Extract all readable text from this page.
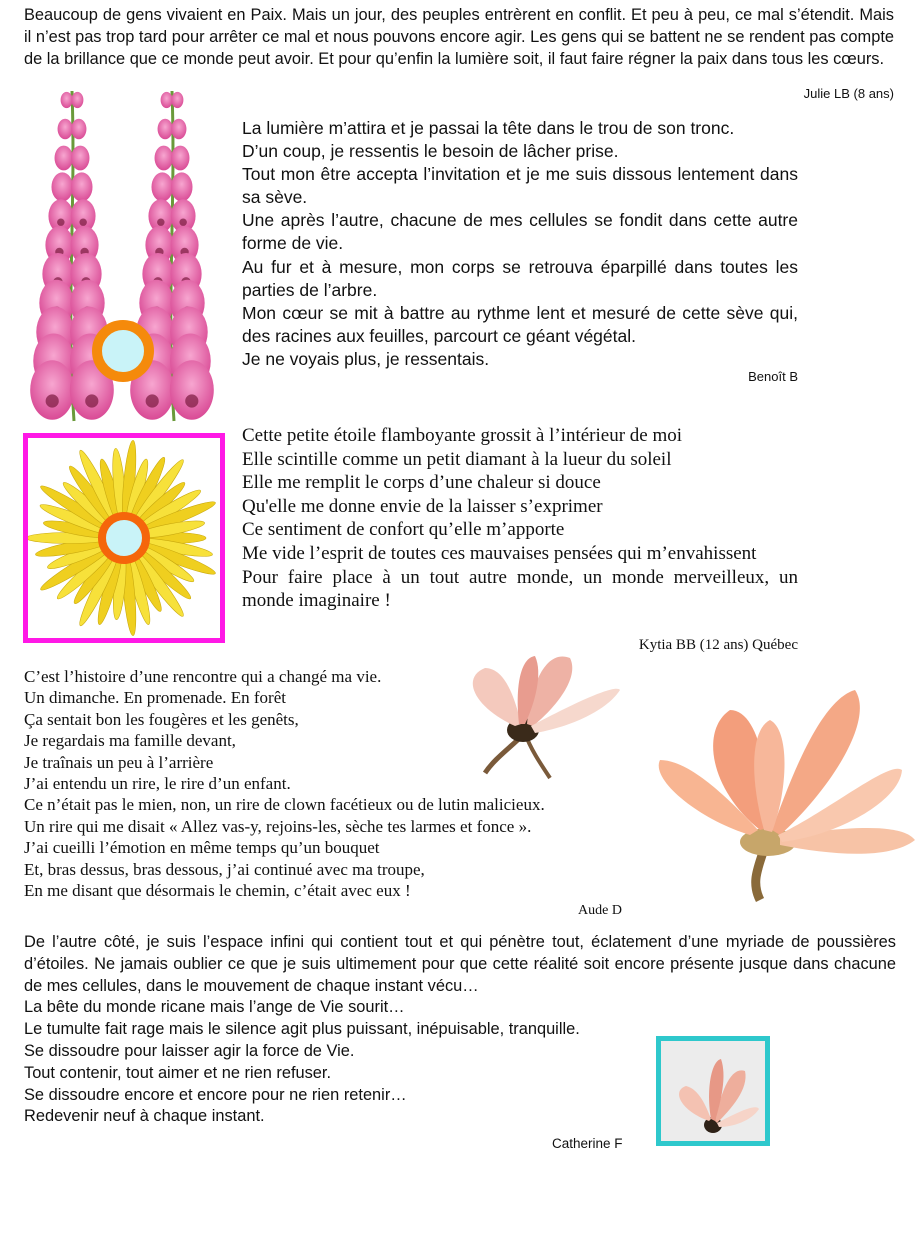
Beaucoup de gens vivaient en Paix. Mais un jour, des peuples entrèrent en conflit. Et peu à peu, ce mal s’étendit. Mais il n’est pas trop tard pour arrêter ce mal et nous pouvons encore agir. Les gens qui se battent ne se rendent pas compte de la brillance que ce monde peut avoir. Et pour qu’enfin la lumière soit, il faut faire régner la paix dans tous les cœurs.
Julie LB (8 ans)
La lumière m’attira et je passai la tête dans le trou de son tronc.
D’un coup, je ressentis le besoin de lâcher prise.
Tout mon être accepta l’invitation et je me suis dissous lentement dans sa sève.
Une après l’autre, chacune de mes cellules se fondit dans cette autre forme de vie.
Au fur et à mesure, mon corps se retrouva éparpillé dans toutes les parties de l’arbre.
Mon cœur se mit à battre au rythme lent et mesuré de cette sève qui, des racines aux feuilles, parcourt ce géant végétal.
Je ne voyais plus, je ressentais.
Benoît B
Cette petite étoile flamboyante grossit à l’intérieur de moi
Elle scintille comme un petit diamant à la lueur du soleil
Elle me remplit le corps d’une chaleur si douce
Qu'elle me donne envie de la laisser s’exprimer
Ce sentiment de confort qu’elle m’apporte
Me vide l’esprit de toutes ces mauvaises pensées qui m’envahissent
Pour faire place à un tout autre monde, un monde merveilleux, un monde imaginaire !
Kytia BB (12 ans) Québec
C’est l’histoire d’une rencontre qui a changé ma vie.
Un dimanche. En promenade. En forêt
Ça sentait bon les fougères et les genêts,
Je regardais ma famille devant,
Je traînais un peu à l’arrière
J’ai entendu un rire, le rire d’un enfant.
Ce n’était pas le mien, non, un rire de clown facétieux ou de lutin malicieux.
Un rire qui me disait « Allez vas-y, rejoins-les, sèche tes larmes et fonce ».
J’ai cueilli l’émotion en même temps qu’un bouquet
Et, bras dessus, bras dessous, j’ai continué avec ma troupe,
En me disant que désormais le chemin, c’était avec eux !
Aude D
De l’autre côté, je suis l’espace infini qui contient tout et qui pénètre tout, éclatement d’une myriade de poussières d’étoiles. Ne jamais oublier ce que je suis ultimement pour que cette réalité soit encore présente jusque dans chacune de mes cellules, dans le mouvement de chaque instant vécu…
La bête du monde ricane mais l’ange de Vie sourit…
Le tumulte fait rage mais le silence agit plus puissant, inépuisable, tranquille.
Se dissoudre pour laisser agir la force de Vie.
Tout contenir, tout aimer et ne rien refuser.
Se dissoudre encore et encore pour ne rien retenir…
Redevenir neuf à chaque instant.
Catherine F
